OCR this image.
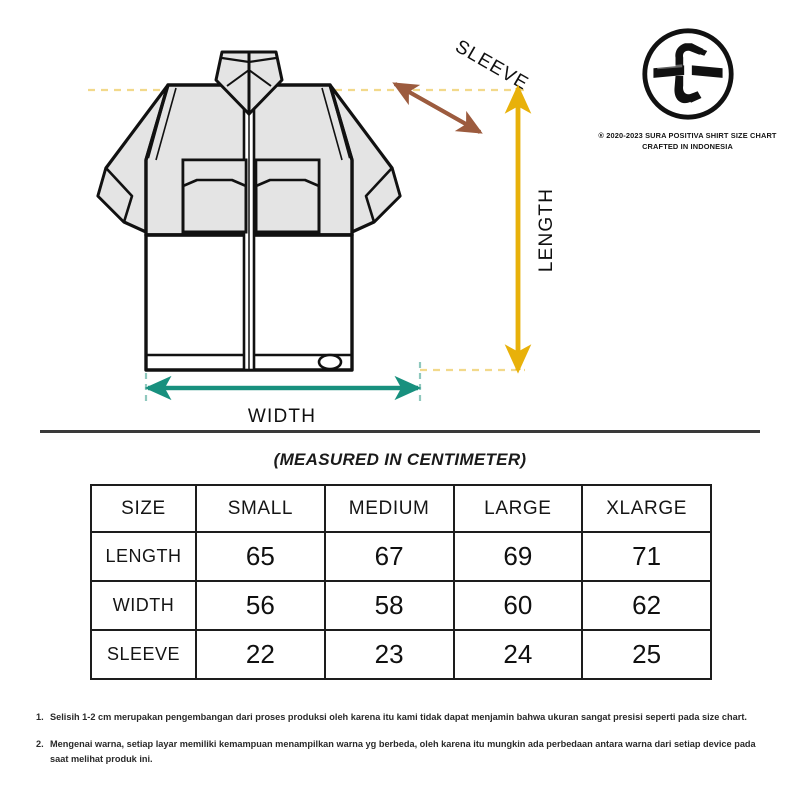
SLEEVE
LENGTH
WIDTH
® 2020-2023 SURA POSITIVA SHIRT SIZE CHART
CRAFTED IN INDONESIA
(MEASURED IN CENTIMETER)
SIZE	SMALL	MEDIUM	LARGE	XLARGE
LENGTH	65	67	69	71
WIDTH	56	58	60	62
SLEEVE	22	23	24	25
1. Selisih 1-2 cm merupakan pengembangan dari proses produksi oleh karena itu kami tidak dapat menjamin bahwa ukuran sangat presisi seperti pada size chart.
2. Mengenai warna, setiap layar memiliki kemampuan menampilkan warna yg berbeda, oleh karena itu mungkin ada perbedaan antara warna dari setiap device pada saat melihat produk ini.
